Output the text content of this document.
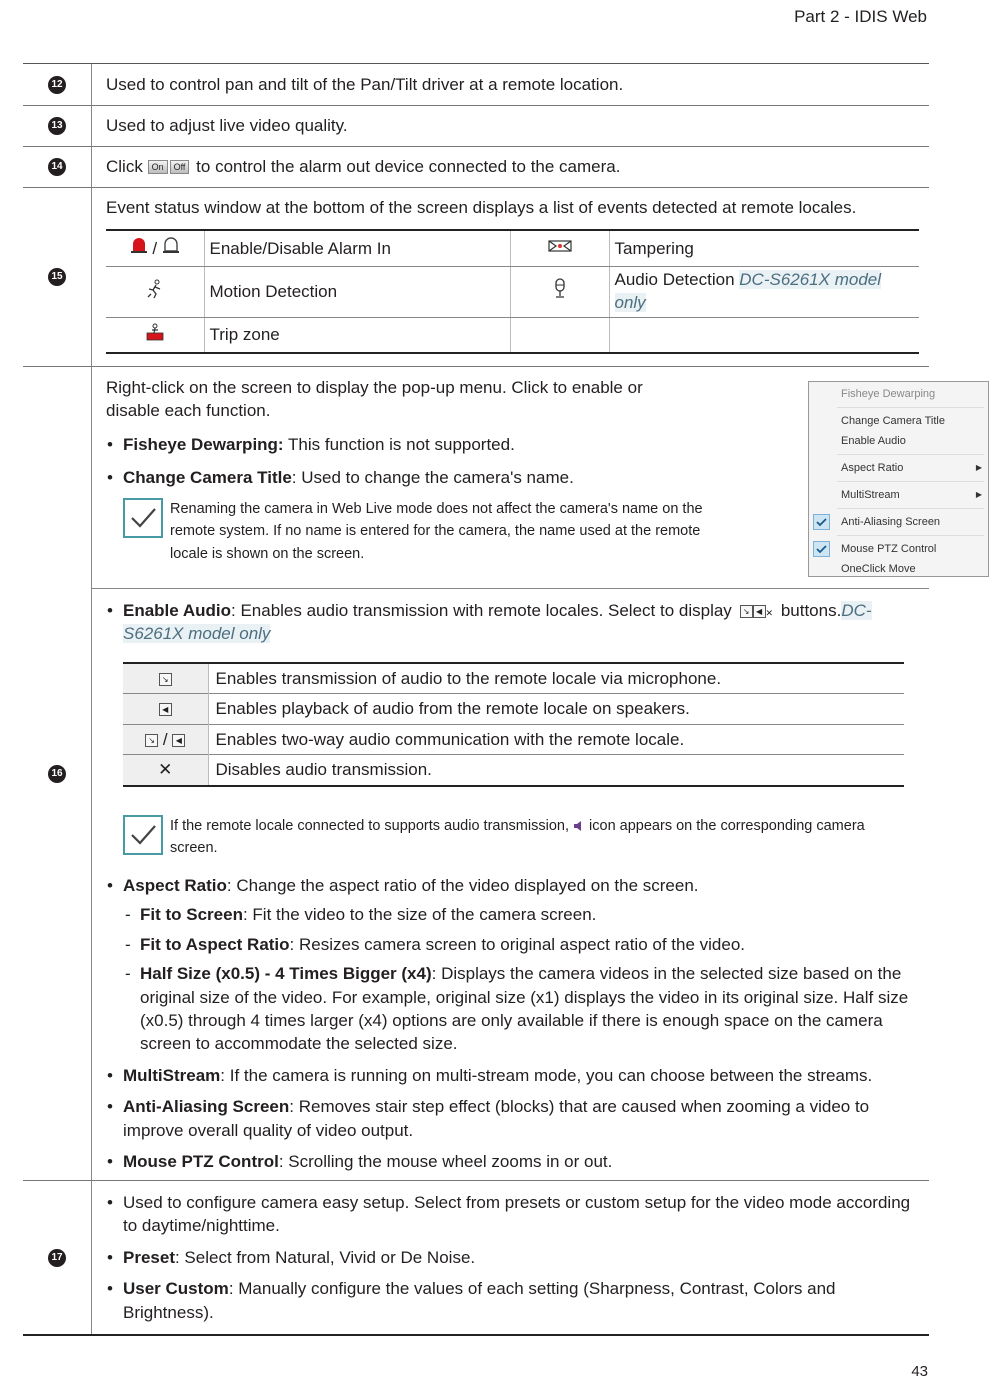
Part 2 - IDIS Web
12	Used to control pan and tilt of the Pan/Tilt driver at a remote location.
13	Used to adjust live video quality.
14	Click
On	Off
to control the alarm out device connected to the camera.
15
Event status window at the bottom of the screen displays a list of events detected at remote locales.
/	Enable/Disable Alarm In		Tampering
	Motion Detection		Audio Detection DC-S6261X model only
	Trip zone		
16
Right-click on the screen to display the pop-up menu. Click to enable or disable each function.
• Fisheye Dewarping: This function is not supported.
• Change Camera Title: Used to change the camera's name.
Renaming the camera in Web Live mode does not affect the camera's name on the remote system. If no name is entered for the camera, the name used at the remote locale is shown on the screen.
Fisheye Dewarping
Change Camera Title
Enable Audio
Aspect Ratio	▶
MultiStream	▶
Anti-Aliasing Screen
Mouse PTZ Control
OneClick Move
• Enable Audio: Enables audio transmission with remote locales. Select to display ↘ ◀ ✕ buttons.DC-S6261X model only
↘	Enables transmission of audio to the remote locale via microphone.
◀	Enables playback of audio from the remote locale on speakers.
↘ / ◀	Enables two-way audio communication with the remote locale.
✕	Disables audio transmission.
If the remote locale connected to supports audio transmission, icon appears on the corresponding camera screen.
• Aspect Ratio: Change the aspect ratio of the video displayed on the screen.
- Fit to Screen: Fit the video to the size of the camera screen.
- Fit to Aspect Ratio: Resizes camera screen to original aspect ratio of the video.
- Half Size (x0.5) - 4 Times Bigger (x4): Displays the camera videos in the selected size based on the original size of the video. For example, original size (x1) displays the video in its original size. Half size (x0.5) through 4 times larger (x4) options are only available if there is enough space on the camera screen to accommodate the selected size.
• MultiStream: If the camera is running on multi-stream mode, you can choose between the streams.
• Anti-Aliasing Screen: Removes stair step effect (blocks) that are caused when zooming a video to improve overall quality of video output.
• Mouse PTZ Control: Scrolling the mouse wheel zooms in or out.
17
• Used to configure camera easy setup. Select from presets or custom setup for the video mode according to daytime/nighttime.
• Preset: Select from Natural, Vivid or De Noise.
• User Custom: Manually configure the values of each setting (Sharpness, Contrast, Colors and Brightness).
43
